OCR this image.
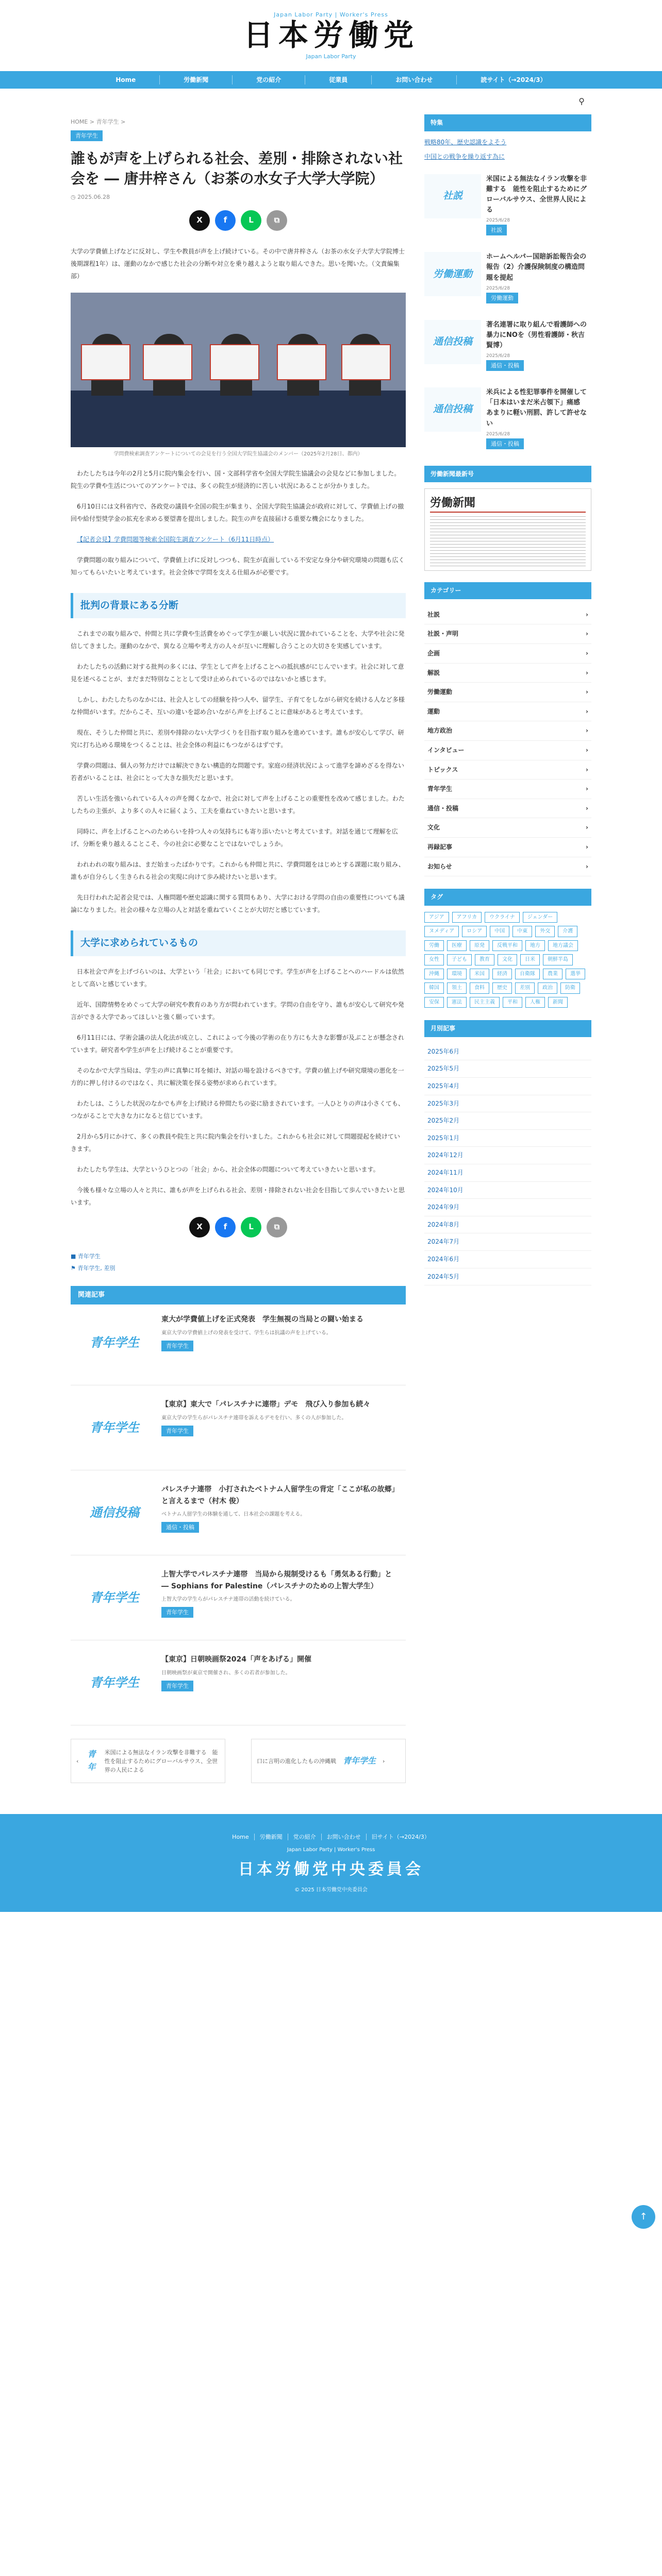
Japan Labor Party | Worker's Press
日本労働党
Japan Labor Party
Home	労働新聞	党の紹介	従業員	お問い合わせ	読サイト（→2024/3）
⚲
HOME > 青年学生 >
青年学生
誰もが声を上げられる社会、差別・排除されない社会を ― 唐井梓さん（お茶の水女子大学大学院）
◷ 2025.06.28
X	f	L	⧉

大学の学費値上げなどに反対し、学生や教員が声を上げ続けている。その中で唐井梓さん（お茶の水女子大学大学院博士後期課程1年）は、運動のなかで感じた社会の分断や対立を乗り越えようと取り組んできた。思いを聞いた。（文責編集部）

学問費検索調査アンケートについての会見を行う全国大学院生協議会のメンバー（2025年2月28日、都内）

わたしたちは今年の2月と5月に院内集会を行い、国・文部科学省や全国大学院生協議会の会見などに参加しました。院生の学費や生活についてのアンケートでは、多くの院生が経済的に苦しい状況にあることが分かりました。

6月10日には文科省内で、各政党の議員や全国の院生が集まり、全国大学院生協議会が政府に対して、学費値上げの撤回や給付型奨学金の拡充を求める要望書を提出しました。院生の声を直接届ける重要な機会になりました。

【記者会見】学費問題等検索全国院生調査アンケート（6月11日時点）

学費問題の取り組みについて、学費値上げに反対しつつも、院生が直面している不安定な身分や研究環境の問題も広く知ってもらいたいと考えています。社会全体で学問を支える仕組みが必要です。

批判の背景にある分断

これまでの取り組みで、仲間と共に学費や生活費をめぐって学生が厳しい状況に置かれていることを、大学や社会に発信してきました。運動のなかで、異なる立場や考え方の人々が互いに理解し合うことの大切さを実感しています。

わたしたちの活動に対する批判の多くには、学生として声を上げることへの抵抗感がにじんでいます。社会に対して意見を述べることが、まだまだ特別なこととして受け止められているのではないかと感じます。

しかし、わたしたちのなかには、社会人としての経験を持つ人や、留学生、子育てをしながら研究を続ける人など多様な仲間がいます。だからこそ、互いの違いを認め合いながら声を上げることに意味があると考えています。

現在、そうした仲間と共に、差別や排除のない大学づくりを目指す取り組みを進めています。誰もが安心して学び、研究に打ち込める環境をつくることは、社会全体の利益にもつながるはずです。

学費の問題は、個人の努力だけでは解決できない構造的な問題です。家庭の経済状況によって進学を諦めざるを得ない若者がいることは、社会にとって大きな損失だと思います。

苦しい生活を強いられている人々の声を聞くなかで、社会に対して声を上げることの重要性を改めて感じました。わたしたちの主張が、より多くの人々に届くよう、工夫を重ねていきたいと思います。

同時に、声を上げることへのためらいを持つ人々の気持ちにも寄り添いたいと考えています。対話を通じて理解を広げ、分断を乗り越えることこそ、今の社会に必要なことではないでしょうか。

われわれの取り組みは、まだ始まったばかりです。これからも仲間と共に、学費問題をはじめとする課題に取り組み、誰もが自分らしく生きられる社会の実現に向けて歩み続けたいと思います。

先日行われた記者会見では、人権問題や歴史認識に関する質問もあり、大学における学問の自由の重要性についても議論になりました。社会の様々な立場の人と対話を重ねていくことが大切だと感じています。

大学に求められているもの

日本社会で声を上げづらいのは、大学という「社会」においても同じです。学生が声を上げることへのハードルは依然として高いと感じています。

近年、国際情勢をめぐって大学の研究や教育のあり方が問われています。学問の自由を守り、誰もが安心して研究や発言ができる大学であってほしいと強く願っています。

6月11日には、学術会議の法人化法が成立し、これによって今後の学術の在り方にも大きな影響が及ぶことが懸念されています。研究者や学生が声を上げ続けることが重要です。

そのなかで大学当局は、学生の声に真摯に耳を傾け、対話の場を設けるべきです。学費の値上げや研究環境の悪化を一方的に押し付けるのではなく、共に解決策を探る姿勢が求められています。

わたしは、こうした状況のなかでも声を上げ続ける仲間たちの姿に励まされています。一人ひとりの声は小さくても、つながることで大きな力になると信じています。

2月から5月にかけて、多くの教員や院生と共に院内集会を行いました。これからも社会に対して問題提起を続けていきます。

わたしたち学生は、大学というひとつの「社会」から、社会全体の問題について考えていきたいと思います。

今後も様々な立場の人々と共に、誰もが声を上げられる社会、差別・排除されない社会を目指して歩んでいきたいと思います。

X	f	L	⧉
■ 青年学生
⚑ 青年学生, 差別
関連記事
青年学生
東大が学費値上げを正式発表　学生無視の当局との闘い始まる

東京大学の学費値上げの発表を受けて、学生らは抗議の声を上げている。

青年学生
青年学生
【東京】東大で「パレスチナに連帯」デモ　飛び入り参加も続々

東京大学の学生らがパレスチナ連帯を訴えるデモを行い、多くの人が参加した。

青年学生
通信投稿
パレスチナ連帯　小打されたベトナム人留学生の背定「ここが私の故郷」と言えるまで（村木 俊）

ベトナム人留学生の体験を通して、日本社会の課題を考える。

通信・投稿
青年学生
上智大学でパレスチナ連帯　当局から規制受けるも「勇気ある行動」と ― Sophians for Palestine（パレスチナのための上智大学生）

上智大学の学生らがパレスチナ連帯の活動を続けている。

青年学生
青年学生
【東京】日朝映画祭2024「声をあげる」開催

日朝映画祭が東京で開催され、多くの若者が参加した。

青年学生
‹
青年
米国による無法なイラン攻撃を非難する　能性を阻止するためにグローバルサウス、全世界の人民による
口に言明の進化したもの沖縄戦 青年学生 ›
特集
戦略80年、歴史認識をよそう
中国との戦争を繰り返す為に
社説
米国による無法なイラン攻撃を非難する　能性を阻止するためにグローバルサウス、全世界人民による
2025/6/28
社説
労働運動
ホームヘルパー国賠訴訟報告会の報告（2）介護保険制度の構造問題を提起
2025/6/28
労働運動
通信投稿
著名連署に取り組んで看護師への暴力にNOを（男性看護師・秋吉 賢博）
2025/6/28
通信・投稿
通信投稿
米兵による性犯罪事件を開催して「日本はいまだ米占領下」痛感　あまりに軽い刑罰、許して許せない
2025/6/28
通信・投稿
労働新聞最新号
労働新聞
カテゴリー
社説	›
社説・声明	›
企画	›
解説	›
労働運動	›
運動	›
地方政治	›
インタビュー	›
トピックス	›
青年学生	›
通信・投稿	›
文化	›
再録記事	›
お知らせ	›
タグ
アジア	アフリカ	ウクライナ	ジェンダー
ヌメディア	ロシア	中国	中東	外交	介護
労働	医療	原発	反戦平和	地方	地方議会
女性	子ども	教育	文化	日米	朝鮮半島
沖縄	環境	米国	経済	自衛隊	農業	選挙
韓国	領土	食料	歴史	差別	政治	防衛
安保	憲法	民主主義	平和	人権	新聞
月別記事
2025年6月
2025年5月
2025年4月
2025年3月
2025年2月
2025年1月
2024年12月
2024年11月
2024年10月
2024年9月
2024年8月
2024年7月
2024年6月
2024年5月
↑
Home 労働新聞 党の紹介 お問い合わせ 旧サイト（→2024/3）
Japan Labor Party | Worker's Press
日本労働党中央委員会
© 2025 日本労働党中央委員会
